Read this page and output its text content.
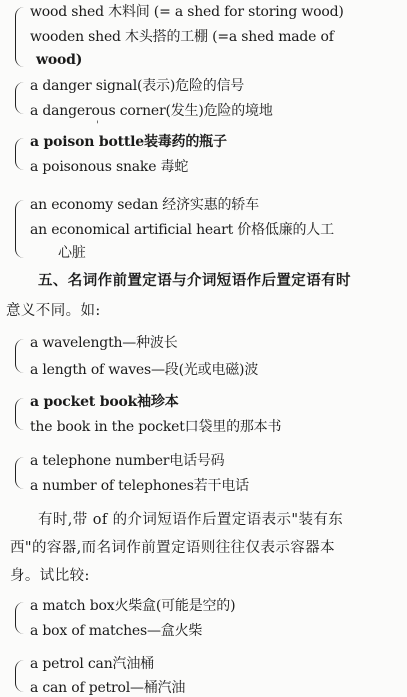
wood shed 木料间 (= a shed for storing wood)
wooden shed 木头搭的工棚 (=a shed made of
wood)
a danger signal(表示)危险的信号
a dangerous corner(发生)危险的境地
a poison bottle装毒药的瓶子
a poisonous snake 毒蛇
'
an economy sedan 经济实惠的轿车
an economical artificial heart 价格低廉的人工
心脏
五、名词作前置定语与介词短语作后置定语有时
意义不同。如:
a wavelength—种波长
a length of waves—段(光或电磁)波
a pocket book袖珍本
the book in the pocket口袋里的那本书
a telephone number电话号码
a number of telephones若干电话
有时,带 of 的介词短语作后置定语表示"装有东
西"的容器,而名词作前置定语则往往仅表示容器本
身。试比较:
a match box火柴盒(可能是空的)
a box of matches—盒火柴
a petrol can汽油桶
a can of petrol—桶汽油
